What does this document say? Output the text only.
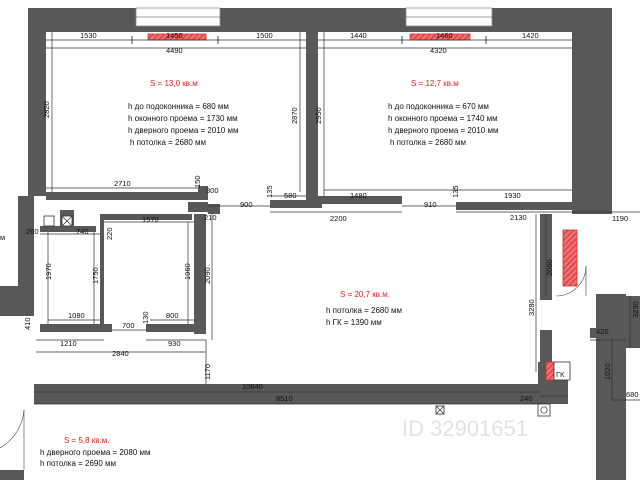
1530	1450	1500
4490
1440	1460	1420
4320
2820	2870 2950
2710	150
300	135 580	1480	135	1930
900
2200
910
2130	1190
260	740 220
1570	210
1970	1750	1960 2090
1080
700
130 800
410
1210
2840
930
1170
10640
8510	240
2060
3280
420
3230
1020
680
ГК
м
S = 13,0 кв.м
h до подоконника = 680 мм
h оконного проема = 1730 мм
h дверного проема = 2010 мм
h потолка = 2680 мм
S = 12,7 кв.м
h до подоконника = 670 мм
h оконного проема = 1740 мм
h дверного проема = 2010 мм
h потолка = 2680 мм
S = 20,7 кв.м.
h потолка = 2680 мм
h ГК = 1390 мм
S = 5,8 кв.м.
h дверного проема = 2080 мм
h потолка = 2690 мм
ID 32901651
